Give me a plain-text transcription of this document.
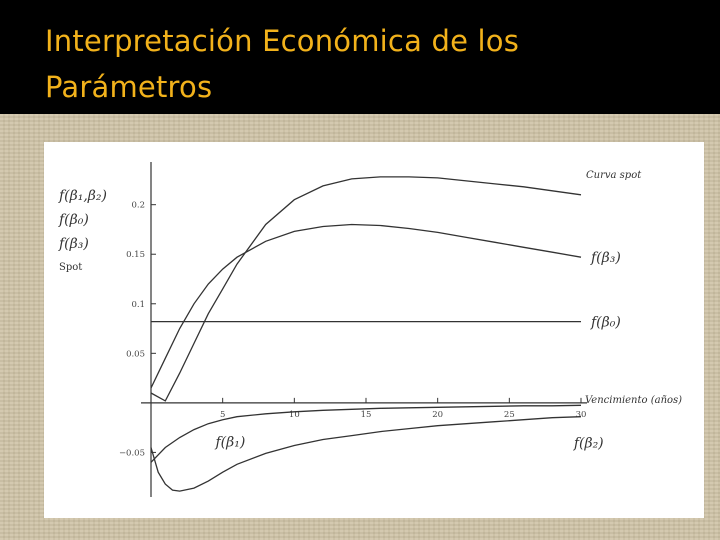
Interpretación Económica de los
Parámetros
−0.05
0.05
0.1
0.15
0.2
5	10	15	20	25	30
Vencimiento (años)
f(β₁,β₂)
f(β₀)
f(β₃)
Spot
Curva spot
f(β₃)
f(β₀)
f(β₁)	f(β₂)
